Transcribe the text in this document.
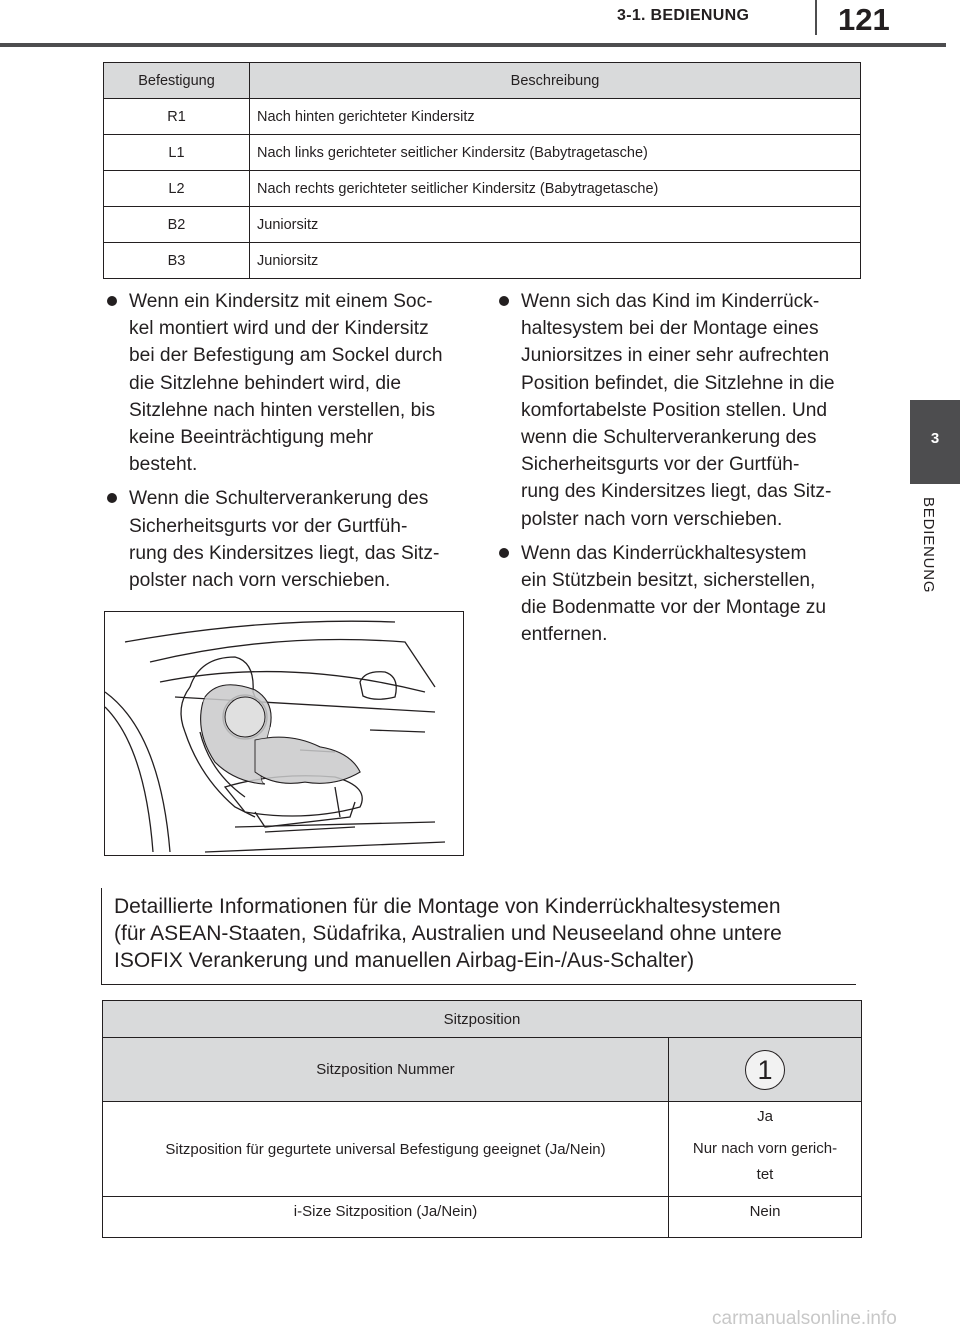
3-1. BEDIENUNG	121
3
BEDIENUNG
Befestigung	Beschreibung
R1	Nach hinten gerichteter Kindersitz
L1	Nach links gerichteter seitlicher Kindersitz (Babytragetasche)
L2	Nach rechts gerichteter seitlicher Kindersitz (Babytragetasche)
B2	Juniorsitz
B3	Juniorsitz
Wenn ein Kindersitz mit einem Soc-
kel montiert wird und der Kindersitz
bei der Befestigung am Sockel durch
die Sitzlehne behindert wird, die
Sitzlehne nach hinten verstellen, bis
keine Beeinträchtigung mehr
besteht.
Wenn die Schulterverankerung des
Sicherheitsgurts vor der Gurtfüh-
rung des Kindersitzes liegt, das Sitz-
polster nach vorn verschieben.
Wenn sich das Kind im Kinderrück-
haltesystem bei der Montage eines
Juniorsitzes in einer sehr aufrechten
Position befindet, die Sitzlehne in die
komfortabelste Position stellen. Und
wenn die Schulterverankerung des
Sicherheitsgurts vor der Gurtfüh-
rung des Kindersitzes liegt, das Sitz-
polster nach vorn verschieben.
Wenn das Kinderrückhaltesystem
ein Stützbein besitzt, sicherstellen,
die Bodenmatte vor der Montage zu
entfernen.
Detaillierte Informationen für die Montage von Kinderrückhaltesystemen
(für ASEAN-Staaten, Südafrika, Australien und Neuseeland ohne untere
ISOFIX Verankerung und manuellen Airbag-Ein-/Aus-Schalter)
Sitzposition	
Sitzposition Nummer	1
Sitzposition für gegurtete universal Befestigung geeignet (Ja/Nein)	Ja
Nur nach vorn gerich-
tet

i-Size Sitzposition (Ja/Nein)	Nein
carmanualsonline.info
